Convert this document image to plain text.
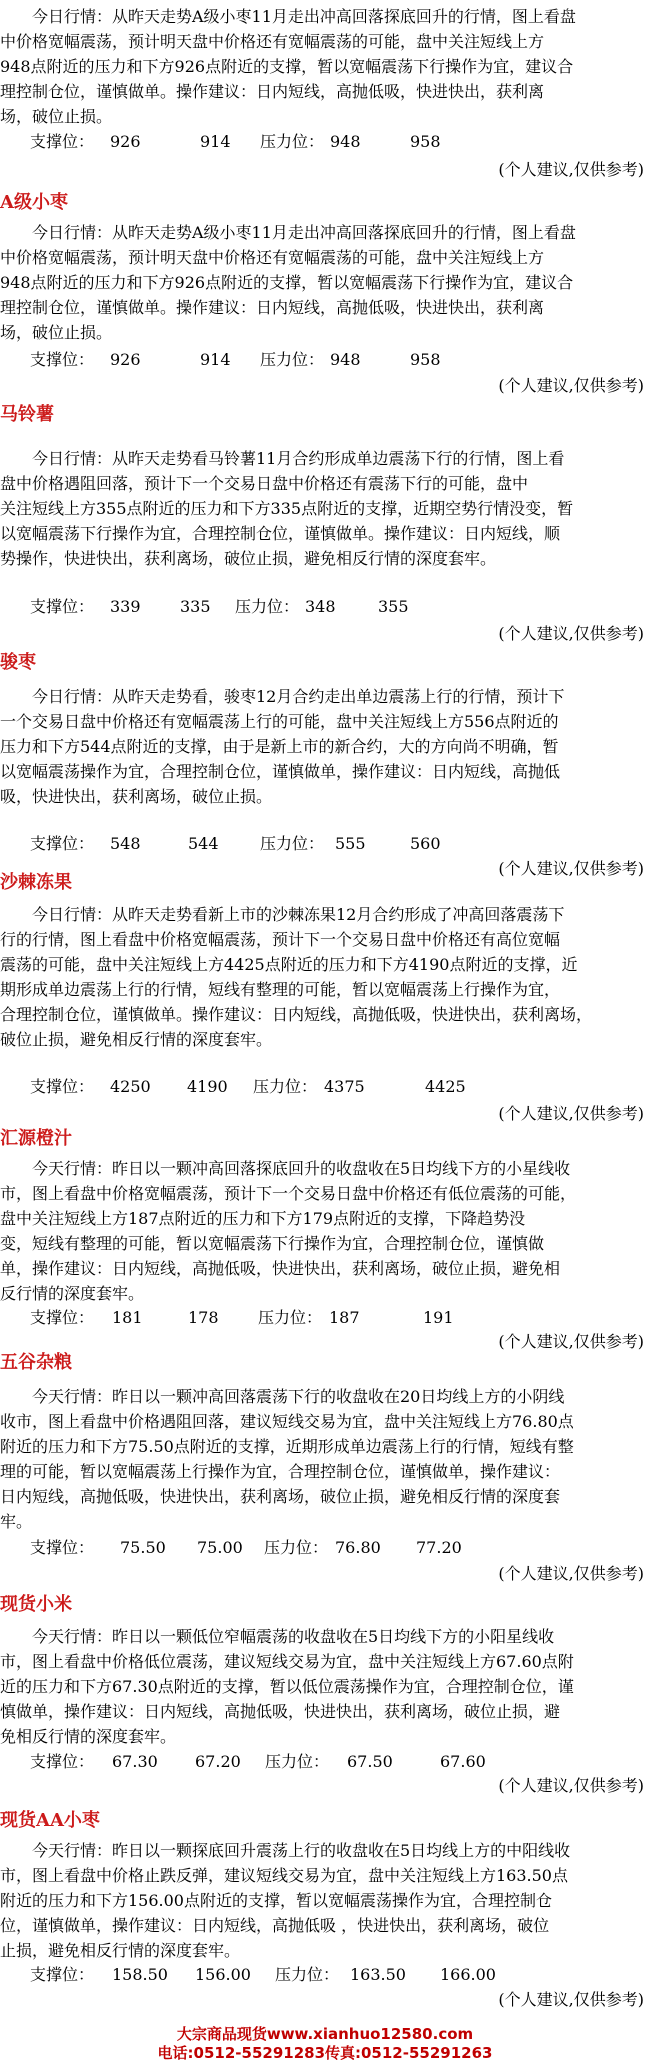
今日行情：从昨天走势A级小枣11月走出冲高回落探底回升的行情，图上看盘
中价格宽幅震荡，预计明天盘中价格还有宽幅震荡的可能，盘中关注短线上方
948点附近的压力和下方926点附近的支撑，暂以宽幅震荡下行操作为宜，建议合
理控制仓位，谨慎做单。操作建议：日内短线，高抛低吸，快进快出，获利离
场，破位止损。
支撑位： 926	914 压力位： 948	958
(个人建议,仅供参考)
A级小枣
今日行情：从昨天走势A级小枣11月走出冲高回落探底回升的行情，图上看盘
中价格宽幅震荡，预计明天盘中价格还有宽幅震荡的可能，盘中关注短线上方
948点附近的压力和下方926点附近的支撑，暂以宽幅震荡下行操作为宜，建议合
理控制仓位，谨慎做单。操作建议：日内短线，高抛低吸，快进快出，获利离
场，破位止损。
支撑位： 926	914 压力位： 948	958
(个人建议,仅供参考)
马铃薯
今日行情：从昨天走势看马铃薯11月合约形成单边震荡下行的行情，图上看
盘中价格遇阻回落，预计下一个交易日盘中价格还有震荡下行的可能，盘中
关注短线上方355点附近的压力和下方335点附近的支撑，近期空势行情没变，暂
以宽幅震荡下行操作为宜，合理控制仓位，谨慎做单。操作建议：日内短线，顺
势操作，快进快出，获利离场，破位止损，避免相反行情的深度套牢。
支撑位： 339 335 压力位： 348	355
(个人建议,仅供参考)
骏枣
今日行情：从昨天走势看，骏枣12月合约走出单边震荡上行的行情，预计下
一个交易日盘中价格还有宽幅震荡上行的可能，盘中关注短线上方556点附近的
压力和下方544点附近的支撑，由于是新上市的新合约，大的方向尚不明确，暂
以宽幅震荡操作为宜，合理控制仓位，谨慎做单，操作建议：日内短线，高抛低
吸，快进快出，获利离场，破位止损。
支撑位： 548	544	压力位： 555	560
(个人建议,仅供参考)
沙棘冻果
今日行情：从昨天走势看新上市的沙棘冻果12月合约形成了冲高回落震荡下
行的行情，图上看盘中价格宽幅震荡，预计下一个交易日盘中价格还有高位宽幅
震荡的可能，盘中关注短线上方4425点附近的压力和下方4190点附近的支撑，近
期形成单边震荡上行的行情，短线有整理的可能，暂以宽幅震荡上行操作为宜，
合理控制仓位，谨慎做单。操作建议：日内短线，高抛低吸，快进快出，获利离场，
破位止损，避免相反行情的深度套牢。
支撑位： 4250 4190 压力位： 4375	4425
(个人建议,仅供参考)
汇源橙汁
今天行情：昨日以一颗冲高回落探底回升的收盘收在5日均线下方的小星线收
市，图上看盘中价格宽幅震荡，预计下一个交易日盘中价格还有低位震荡的可能，
盘中关注短线上方187点附近的压力和下方179点附近的支撑，下降趋势没
变，短线有整理的可能，暂以宽幅震荡下行操作为宜，合理控制仓位，谨慎做
单，操作建议：日内短线，高抛低吸，快进快出，获利离场，破位止损，避免相
反行情的深度套牢。
支撑位： 181	178 压力位： 187	191
(个人建议,仅供参考)
五谷杂粮
今天行情：昨日以一颗冲高回落震荡下行的收盘收在20日均线上方的小阴线
收市，图上看盘中价格遇阻回落，建议短线交易为宜，盘中关注短线上方76.80点
附近的压力和下方75.50点附近的支撑，近期形成单边震荡上行的行情，短线有整
理的可能，暂以宽幅震荡上行操作为宜，合理控制仓位，谨慎做单，操作建议：
日内短线，高抛低吸，快进快出，获利离场，破位止损，避免相反行情的深度套
牢。
支撑位： 75.50 75.00 压力位： 76.80 77.20
(个人建议,仅供参考)
现货小米
今天行情：昨日以一颗低位窄幅震荡的收盘收在5日均线下方的小阳星线收
市，图上看盘中价格低位震荡，建议短线交易为宜，盘中关注短线上方67.60点附
近的压力和下方67.30点附近的支撑，暂以低位震荡操作为宜，合理控制仓位，谨
慎做单，操作建议：日内短线，高抛低吸，快进快出，获利离场，破位止损，避
免相反行情的深度套牢。
支撑位： 67.30 67.20 压力位： 67.50	67.60
(个人建议,仅供参考)
现货AA小枣
今天行情：昨日以一颗探底回升震荡上行的收盘收在5日均线上方的中阳线收
市，图上看盘中价格止跌反弹，建议短线交易为宜，盘中关注短线上方163.50点
附近的压力和下方156.00点附近的支撑，暂以宽幅震荡操作为宜，合理控制仓
位，谨慎做单，操作建议：日内短线，高抛低吸 ，快进快出，获利离场，破位
止损，避免相反行情的深度套牢。
支撑位： 158.50 156.00 压力位： 163.50 166.00
(个人建议,仅供参考)
大宗商品现货www.xianhuo12580.com
电话:0512-55291283传真:0512-55291263
